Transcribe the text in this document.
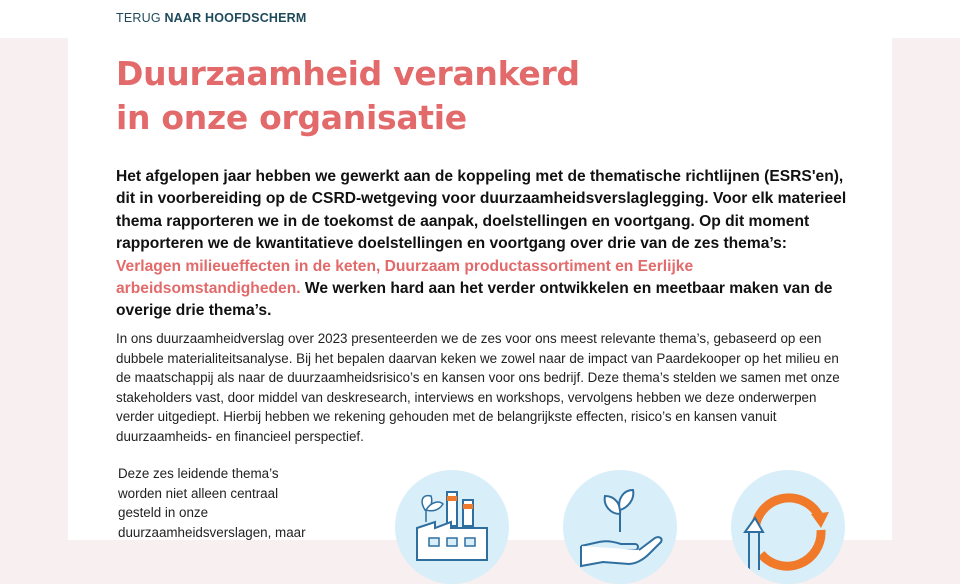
TERUG NAAR HOOFDSCHERM
Duurzaamheid verankerd
in onze organisatie

Het afgelopen jaar hebben we gewerkt aan de koppeling met de thematische richtlijnen (ESRS'en), dit in voorbereiding op de CSRD-wetgeving voor duurzaamheidsverslaglegging. Voor elk materieel thema rapporteren we in de toekomst de aanpak, doelstellingen en voortgang. Op dit moment rapporteren we de kwantitatieve doelstellingen en voortgang over drie van de zes thema’s: Verlagen milieueffecten in de keten, Duurzaam productassortiment en Eerlijke arbeidsomstandigheden. We werken hard aan het verder ontwikkelen en meetbaar maken van de overige drie thema’s.

In ons duurzaamheidverslag over 2023 presenteerden we de zes voor ons meest relevante thema’s, gebaseerd op een dubbele materialiteitsanalyse. Bij het bepalen daarvan keken we zowel naar de impact van Paardekooper op het milieu en de maatschappij als naar de duurzaamheidsrisico’s en kansen voor ons bedrijf. Deze thema’s stelden we samen met onze stakeholders vast, door middel van deskresearch, interviews en workshops, vervolgens hebben we deze onderwerpen verder uitgediept. Hierbij hebben we rekening gehouden met de belangrijkste effecten, risico’s en kansen vanuit duurzaamheids- en financieel perspectief.

Deze zes leidende thema’s worden niet alleen centraal gesteld in onze duurzaamheidsverslagen, maar
